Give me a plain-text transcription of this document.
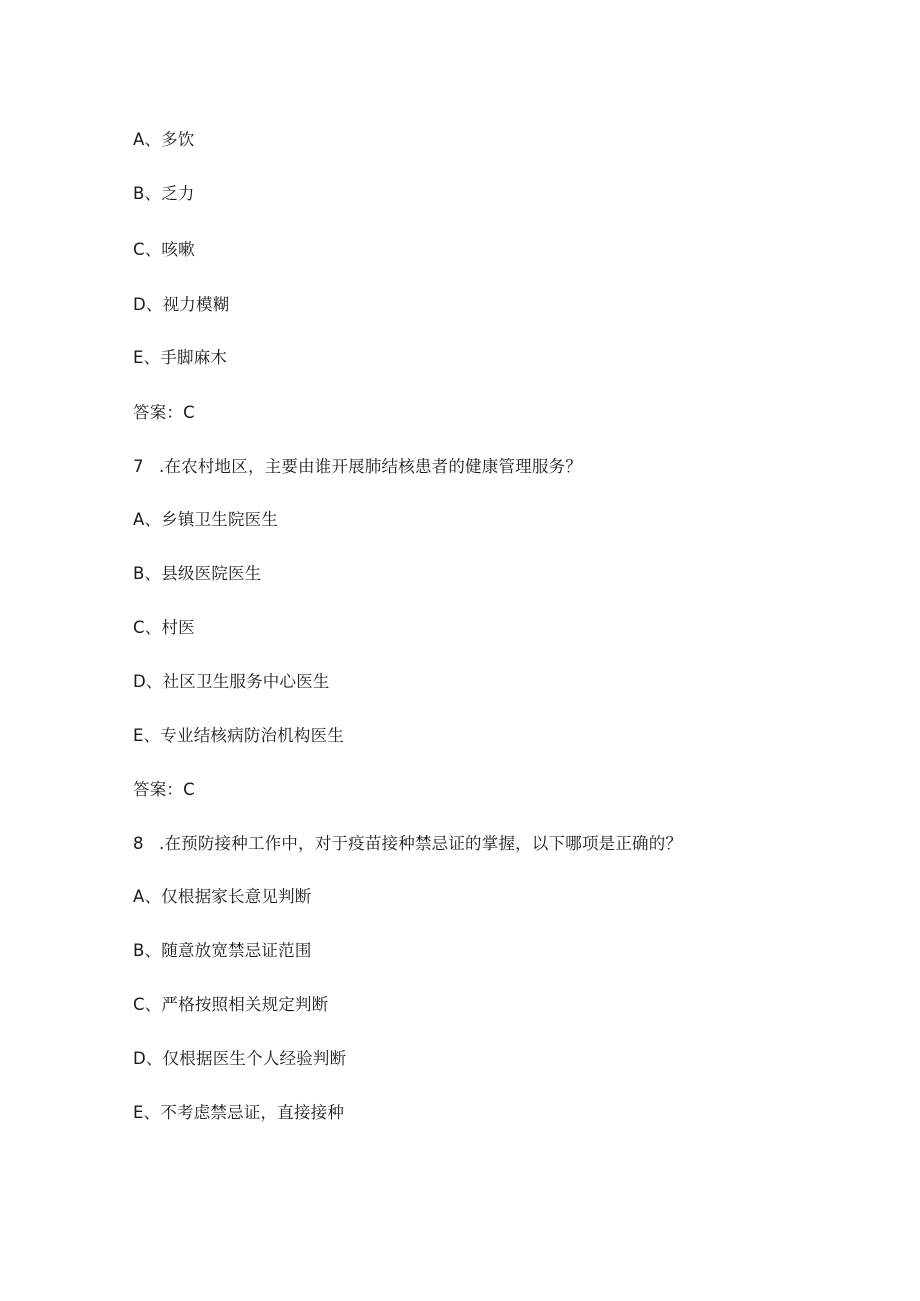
A、多饮
B、乏力
C、咳嗽
D、视力模糊
E、手脚麻木
答案：C
7 .在农村地区，主要由谁开展肺结核患者的健康管理服务？
A、乡镇卫生院医生
B、县级医院医生
C、村医
D、社区卫生服务中心医生
E、专业结核病防治机构医生
答案：C
8 .在预防接种工作中，对于疫苗接种禁忌证的掌握，以下哪项是正确的？
A、仅根据家长意见判断
B、随意放宽禁忌证范围
C、严格按照相关规定判断
D、仅根据医生个人经验判断
E、不考虑禁忌证，直接接种
